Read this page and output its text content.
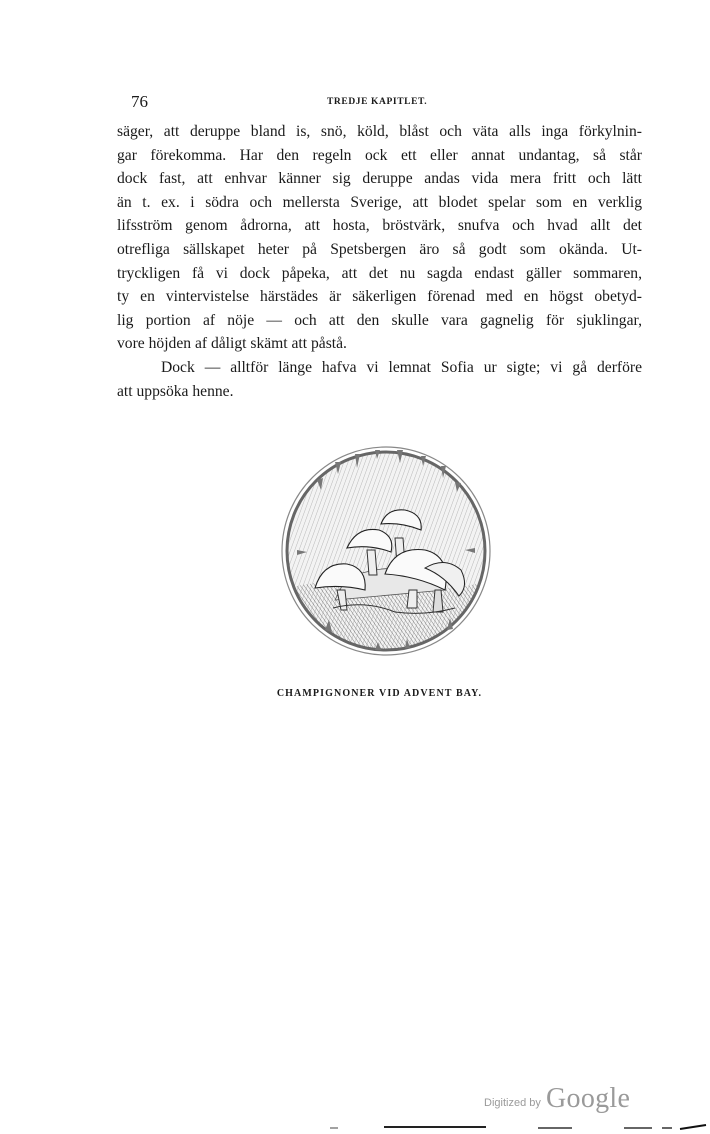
76	TREDJE KAPITLET.

säger, att deruppe bland is, snö, köld, blåst och väta alls inga förkylnin-
gar förekomma. Har den regeln ock ett eller annat undantag, så står
dock fast, att enhvar känner sig deruppe andas vida mera fritt och lätt
än t. ex. i södra och mellersta Sverige, att blodet spelar som en verklig
lifsström genom ådrorna, att hosta, bröstvärk, snufva och hvad allt det
otrefliga sällskapet heter på Spetsbergen äro så godt som okända. Ut-
tryckligen få vi dock påpeka, att det nu sagda endast gäller sommaren,
ty en vintervistelse härstädes är säkerligen förenad med en högst obetyd-
lig portion af nöje — och att den skulle vara gagnelig för sjuklingar,
vore höjden af dåligt skämt att påstå.

Dock — alltför länge hafva vi lemnat Sofia ur sigte; vi gå derföre
att uppsöka henne.

CHAMPIGNONER VID ADVENT BAY.
Digitized by Google
